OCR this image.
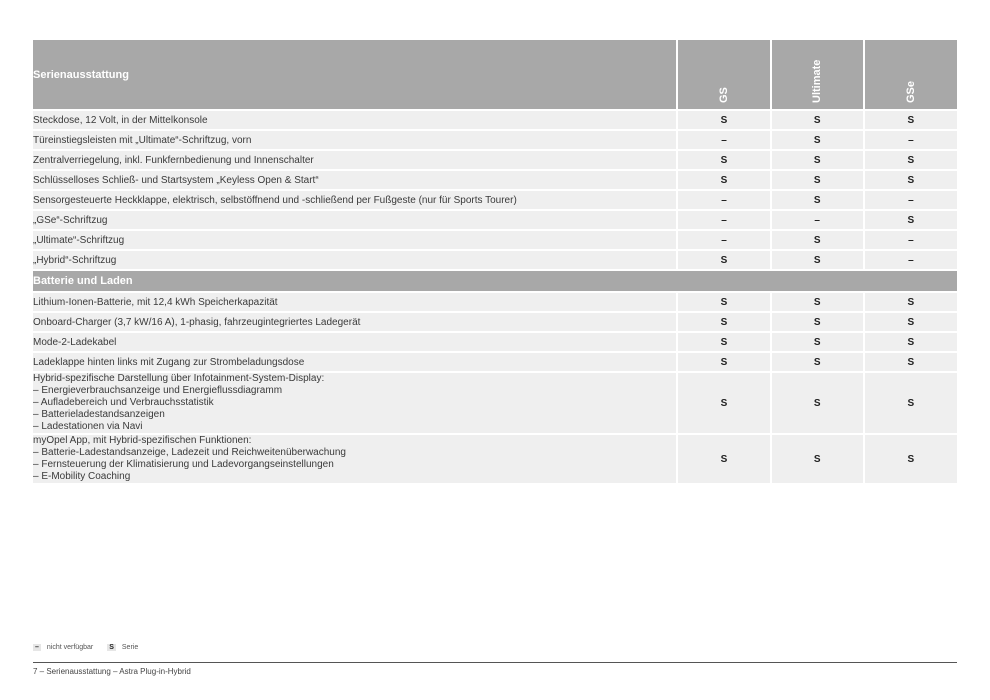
Serienausstattung	GS	Ultimate	GSe

Steckdose, 12 Volt, in der Mittelkonsole	S	S	S
Türeinstiegsleisten mit „Ultimate“-Schriftzug, vorn	–	S	–
Zentralverriegelung, inkl. Funkfernbedienung und Innenschalter	S	S	S
Schlüsselloses Schließ- und Startsystem „Keyless Open & Start“	S	S	S
Sensorgesteuerte Heckklappe, elektrisch, selbstöffnend und -schließend per Fußgeste (nur für Sports Tourer)	–	S	–
„GSe“-Schriftzug	–	–	S
„Ultimate“-Schriftzug	–	S	–
„Hybrid“-Schriftzug	S	S	–
Batterie und Laden			
Lithium-Ionen-Batterie, mit 12,4 kWh Speicherkapazität	S	S	S
Onboard-Charger (3,7 kW/16 A), 1-phasig, fahrzeugintegriertes Ladegerät	S	S	S
Mode-2-Ladekabel	S	S	S
Ladeklappe hinten links mit Zugang zur Strombeladungsdose	S	S	S

Hybrid-spezifische Darstellung über Infotainment-System-Display:
– Energieverbrauchsanzeige und Energieflussdiagramm
– Aufladebereich und Verbrauchsstatistik
– Batterieladestandsanzeigen
– Ladestationen via Navi	S	S	S

myOpel App, mit Hybrid-spezifischen Funktionen:
– Batterie-Ladestandsanzeige, Ladezeit und Reichweitenüberwachung
– Fernsteuerung der Klimatisierung und Ladevorgangseinstellungen
– E-Mobility Coaching	S	S	S
– nicht verfügbar S Serie
7 – Serienausstattung – Astra Plug-in-Hybrid
